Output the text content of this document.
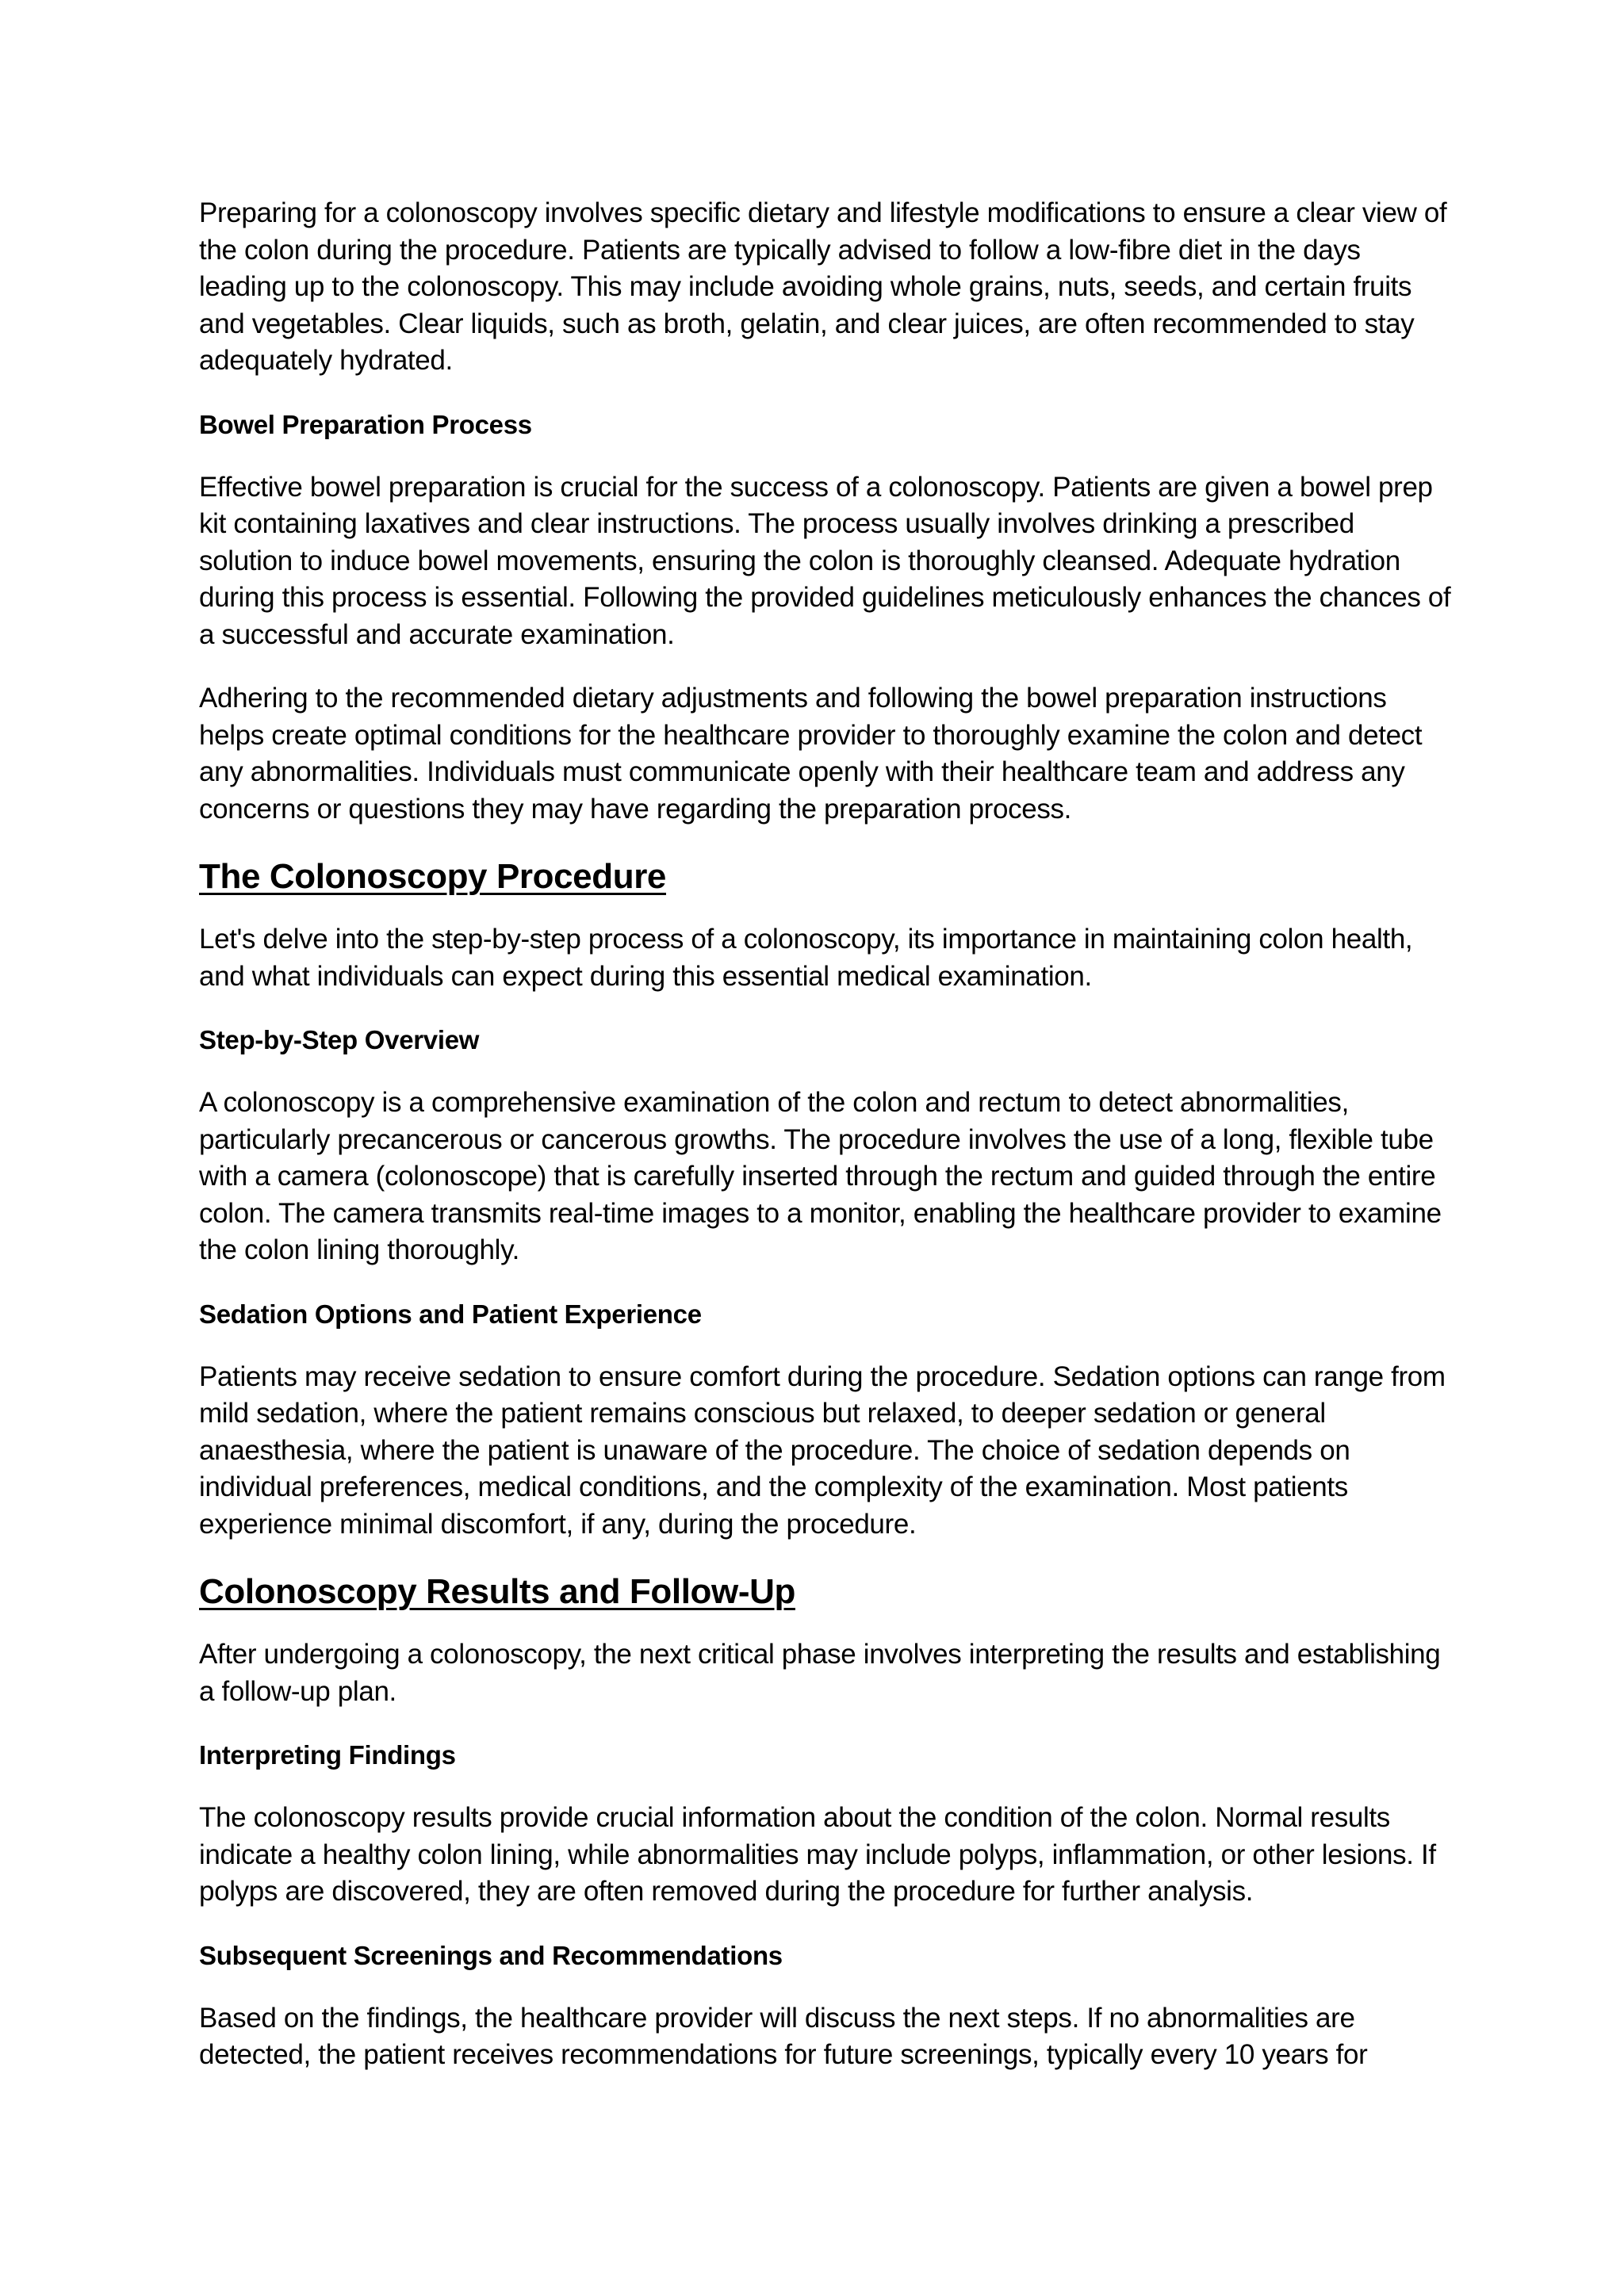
Preparing for a colonoscopy involves specific dietary and lifestyle modifications to ensure a clear view of the colon during the procedure. Patients are typically advised to follow a low-fibre diet in the days leading up to the colonoscopy. This may include avoiding whole grains, nuts, seeds, and certain fruits and vegetables. Clear liquids, such as broth, gelatin, and clear juices, are often recommended to stay adequately hydrated.

Bowel Preparation Process

Effective bowel preparation is crucial for the success of a colonoscopy. Patients are given a bowel prep kit containing laxatives and clear instructions. The process usually involves drinking a prescribed solution to induce bowel movements, ensuring the colon is thoroughly cleansed. Adequate hydration during this process is essential. Following the provided guidelines meticulously enhances the chances of a successful and accurate examination.

Adhering to the recommended dietary adjustments and following the bowel preparation instructions helps create optimal conditions for the healthcare provider to thoroughly examine the colon and detect any abnormalities. Individuals must communicate openly with their healthcare team and address any concerns or questions they may have regarding the preparation process.

The Colonoscopy Procedure

Let's delve into the step-by-step process of a colonoscopy, its importance in maintaining colon health, and what individuals can expect during this essential medical examination.

Step-by-Step Overview

A colonoscopy is a comprehensive examination of the colon and rectum to detect abnormalities, particularly precancerous or cancerous growths. The procedure involves the use of a long, flexible tube with a camera (colonoscope) that is carefully inserted through the rectum and guided through the entire colon. The camera transmits real-time images to a monitor, enabling the healthcare provider to examine the colon lining thoroughly.

Sedation Options and Patient Experience

Patients may receive sedation to ensure comfort during the procedure. Sedation options can range from mild sedation, where the patient remains conscious but relaxed, to deeper sedation or general anaesthesia, where the patient is unaware of the procedure. The choice of sedation depends on individual preferences, medical conditions, and the complexity of the examination. Most patients experience minimal discomfort, if any, during the procedure.

Colonoscopy Results and Follow-Up

After undergoing a colonoscopy, the next critical phase involves interpreting the results and establishing a follow-up plan.

Interpreting Findings

The colonoscopy results provide crucial information about the condition of the colon. Normal results indicate a healthy colon lining, while abnormalities may include polyps, inflammation, or other lesions. If polyps are discovered, they are often removed during the procedure for further analysis.

Subsequent Screenings and Recommendations

Based on the findings, the healthcare provider will discuss the next steps. If no abnormalities are detected, the patient receives recommendations for future screenings, typically every 10 years for
